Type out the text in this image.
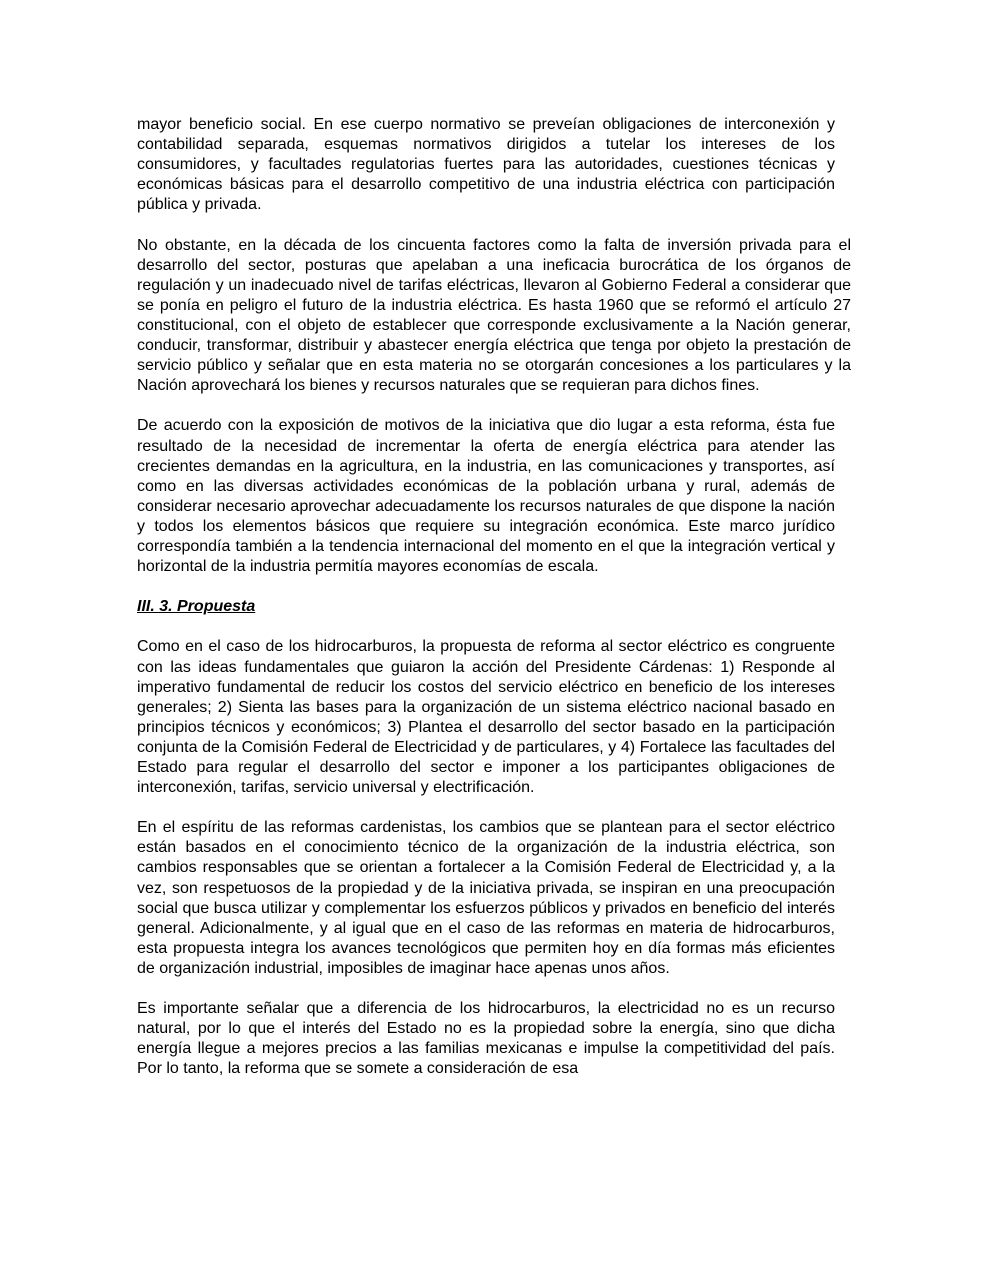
mayor beneficio social. En ese cuerpo normativo se preveían obligaciones de interconexión y contabilidad separada, esquemas normativos dirigidos a tutelar los intereses de los consumidores, y facultades regulatorias fuertes para las autoridades, cuestiones técnicas y económicas básicas para el desarrollo competitivo de una industria eléctrica con participación pública y privada.

No obstante, en la década de los cincuenta factores como la falta de inversión privada para el desarrollo del sector, posturas que apelaban a una ineficacia burocrática de los órganos de regulación y un inadecuado nivel de tarifas eléctricas, llevaron al Gobierno Federal a considerar que se ponía en peligro el futuro de la industria eléctrica. Es hasta 1960 que se reformó el artículo 27 constitucional, con el objeto de establecer que corresponde exclusivamente a la Nación generar, conducir, transformar, distribuir y abastecer energía eléctrica que tenga por objeto la prestación de servicio público y señalar que en esta materia no se otorgarán concesiones a los particulares y la Nación aprovechará los bienes y recursos naturales que se requieran para dichos fines.

De acuerdo con la exposición de motivos de la iniciativa que dio lugar a esta reforma, ésta fue resultado de la necesidad de incrementar la oferta de energía eléctrica para atender las crecientes demandas en la agricultura, en la industria, en las comunicaciones y transportes, así como en las diversas actividades económicas de la población urbana y rural, además de considerar necesario aprovechar adecuadamente los recursos naturales de que dispone la nación y todos los elementos básicos que requiere su integración económica. Este marco jurídico correspondía también a la tendencia internacional del momento en el que la integración vertical y horizontal de la industria permitía mayores economías de escala.

III. 3. Propuesta

Como en el caso de los hidrocarburos, la propuesta de reforma al sector eléctrico es congruente con las ideas fundamentales que guiaron la acción del Presidente Cárdenas: 1) Responde al imperativo fundamental de reducir los costos del servicio eléctrico en beneficio de los intereses generales; 2) Sienta las bases para la organización de un sistema eléctrico nacional basado en principios técnicos y económicos; 3) Plantea el desarrollo del sector basado en la participación conjunta de la Comisión Federal de Electricidad y de particulares, y 4) Fortalece las facultades del Estado para regular el desarrollo del sector e imponer a los participantes obligaciones de interconexión, tarifas, servicio universal y electrificación.

En el espíritu de las reformas cardenistas, los cambios que se plantean para el sector eléctrico están basados en el conocimiento técnico de la organización de la industria eléctrica, son cambios responsables que se orientan a fortalecer a la Comisión Federal de Electricidad y, a la vez, son respetuosos de la propiedad y de la iniciativa privada, se inspiran en una preocupación social que busca utilizar y complementar los esfuerzos públicos y privados en beneficio del interés general. Adicionalmente, y al igual que en el caso de las reformas en materia de hidrocarburos, esta propuesta integra los avances tecnológicos que permiten hoy en día formas más eficientes de organización industrial, imposibles de imaginar hace apenas unos años.

Es importante señalar que a diferencia de los hidrocarburos, la electricidad no es un recurso natural, por lo que el interés del Estado no es la propiedad sobre la energía, sino que dicha energía llegue a mejores precios a las familias mexicanas e impulse la competitividad del país. Por lo tanto, la reforma que se somete a consideración de esa
